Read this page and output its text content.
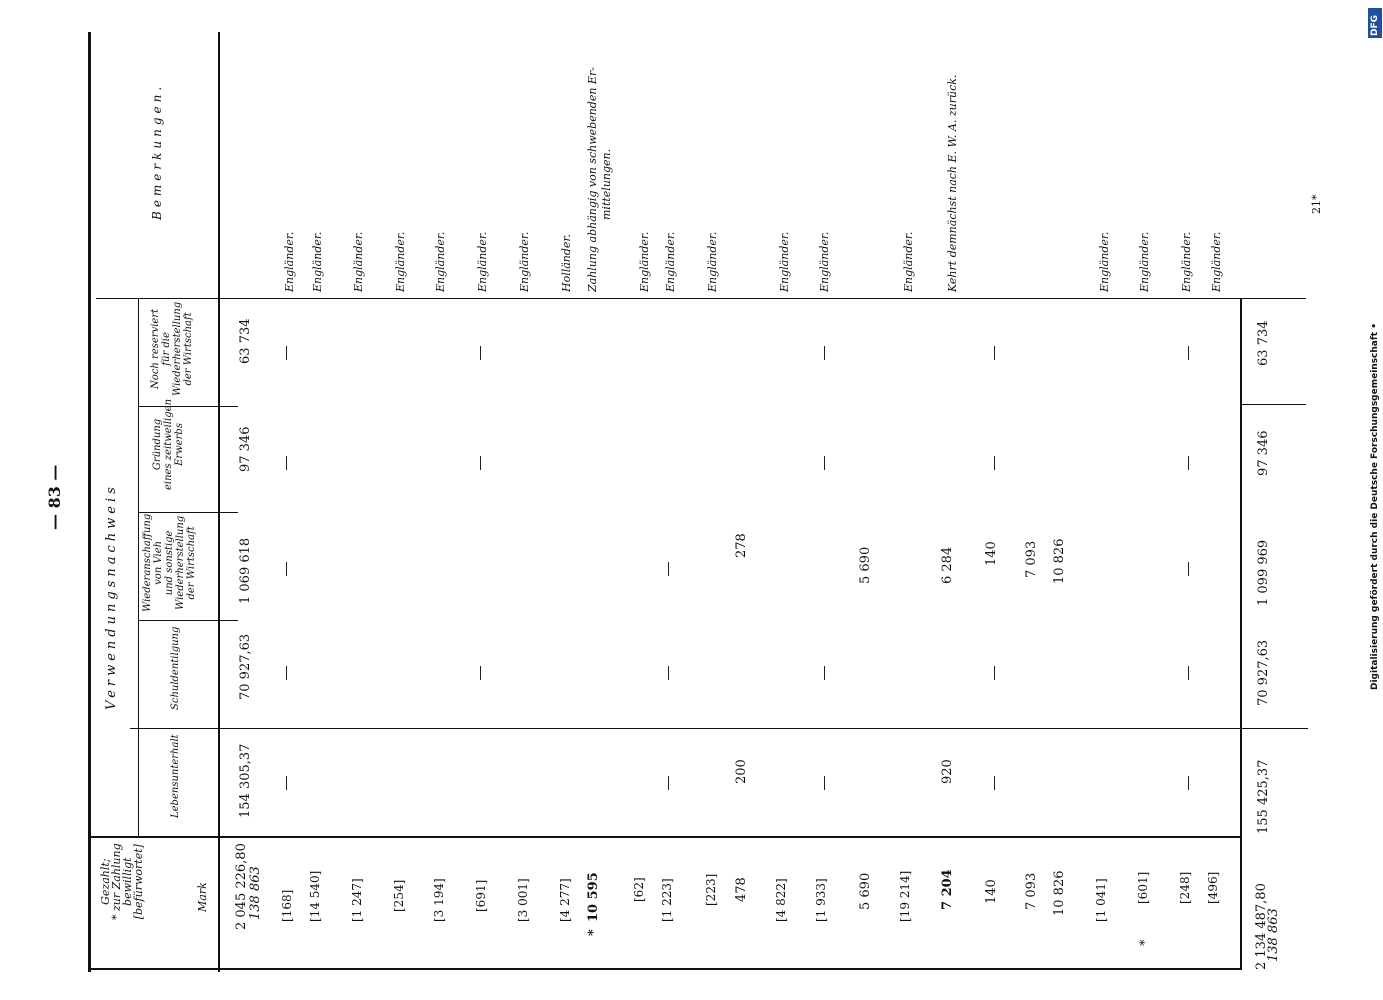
— 83 —
Gezahlt;
* zur Zahlung
bewilligt
[befürwortet]	Mark
Verwendungsnachweis
Lebensunterhalt
Schuldentilgung
Wiederanschaffung
von Vieh
und sonstige
Wiederherstellung
der Wirtschaft
Gründung
eines zeitweiligen
Erwerbs
Noch reserviert
für die
Wiederherstellung
der Wirtschaft
Bemerkungen.
2 045 226,80 138 863
154 305,37
70 927,63
1 069 618
97 346
63 734
[168]
Engländer.
[14 540]
Engländer.
[1 247]
Engländer.
[254]
Engländer.
[3 194]
Engländer.
[691]
Engländer.
[3 001]
Engländer.
[4 277]
Holländer.
*
10 595
Zahlung abhängig von schwebenden Er- mittelungen.
[62]
Engländer.
[1 223]
Engländer.
[223]
Engländer.
478
200
278
[4 822]
Engländer.
[1 933]
Engländer.
5 690
5 690
[19 214]
Engländer.
7 204
920
6 284
Kehrt demnächst nach E. W. A. zurück.
140
140
7 093
7 093
10 826
10 826
[1 041]
Engländer.
*
[601]
Engländer.
[248]
Engländer.
[496]
Engländer.
2 134 487,80
138 863
155 425,37
70 927,63
1 099 969
97 346
63 734
21*
DFG
Digitalisierung gefördert durch die Deutsche Forschungsgemeinschaft •
